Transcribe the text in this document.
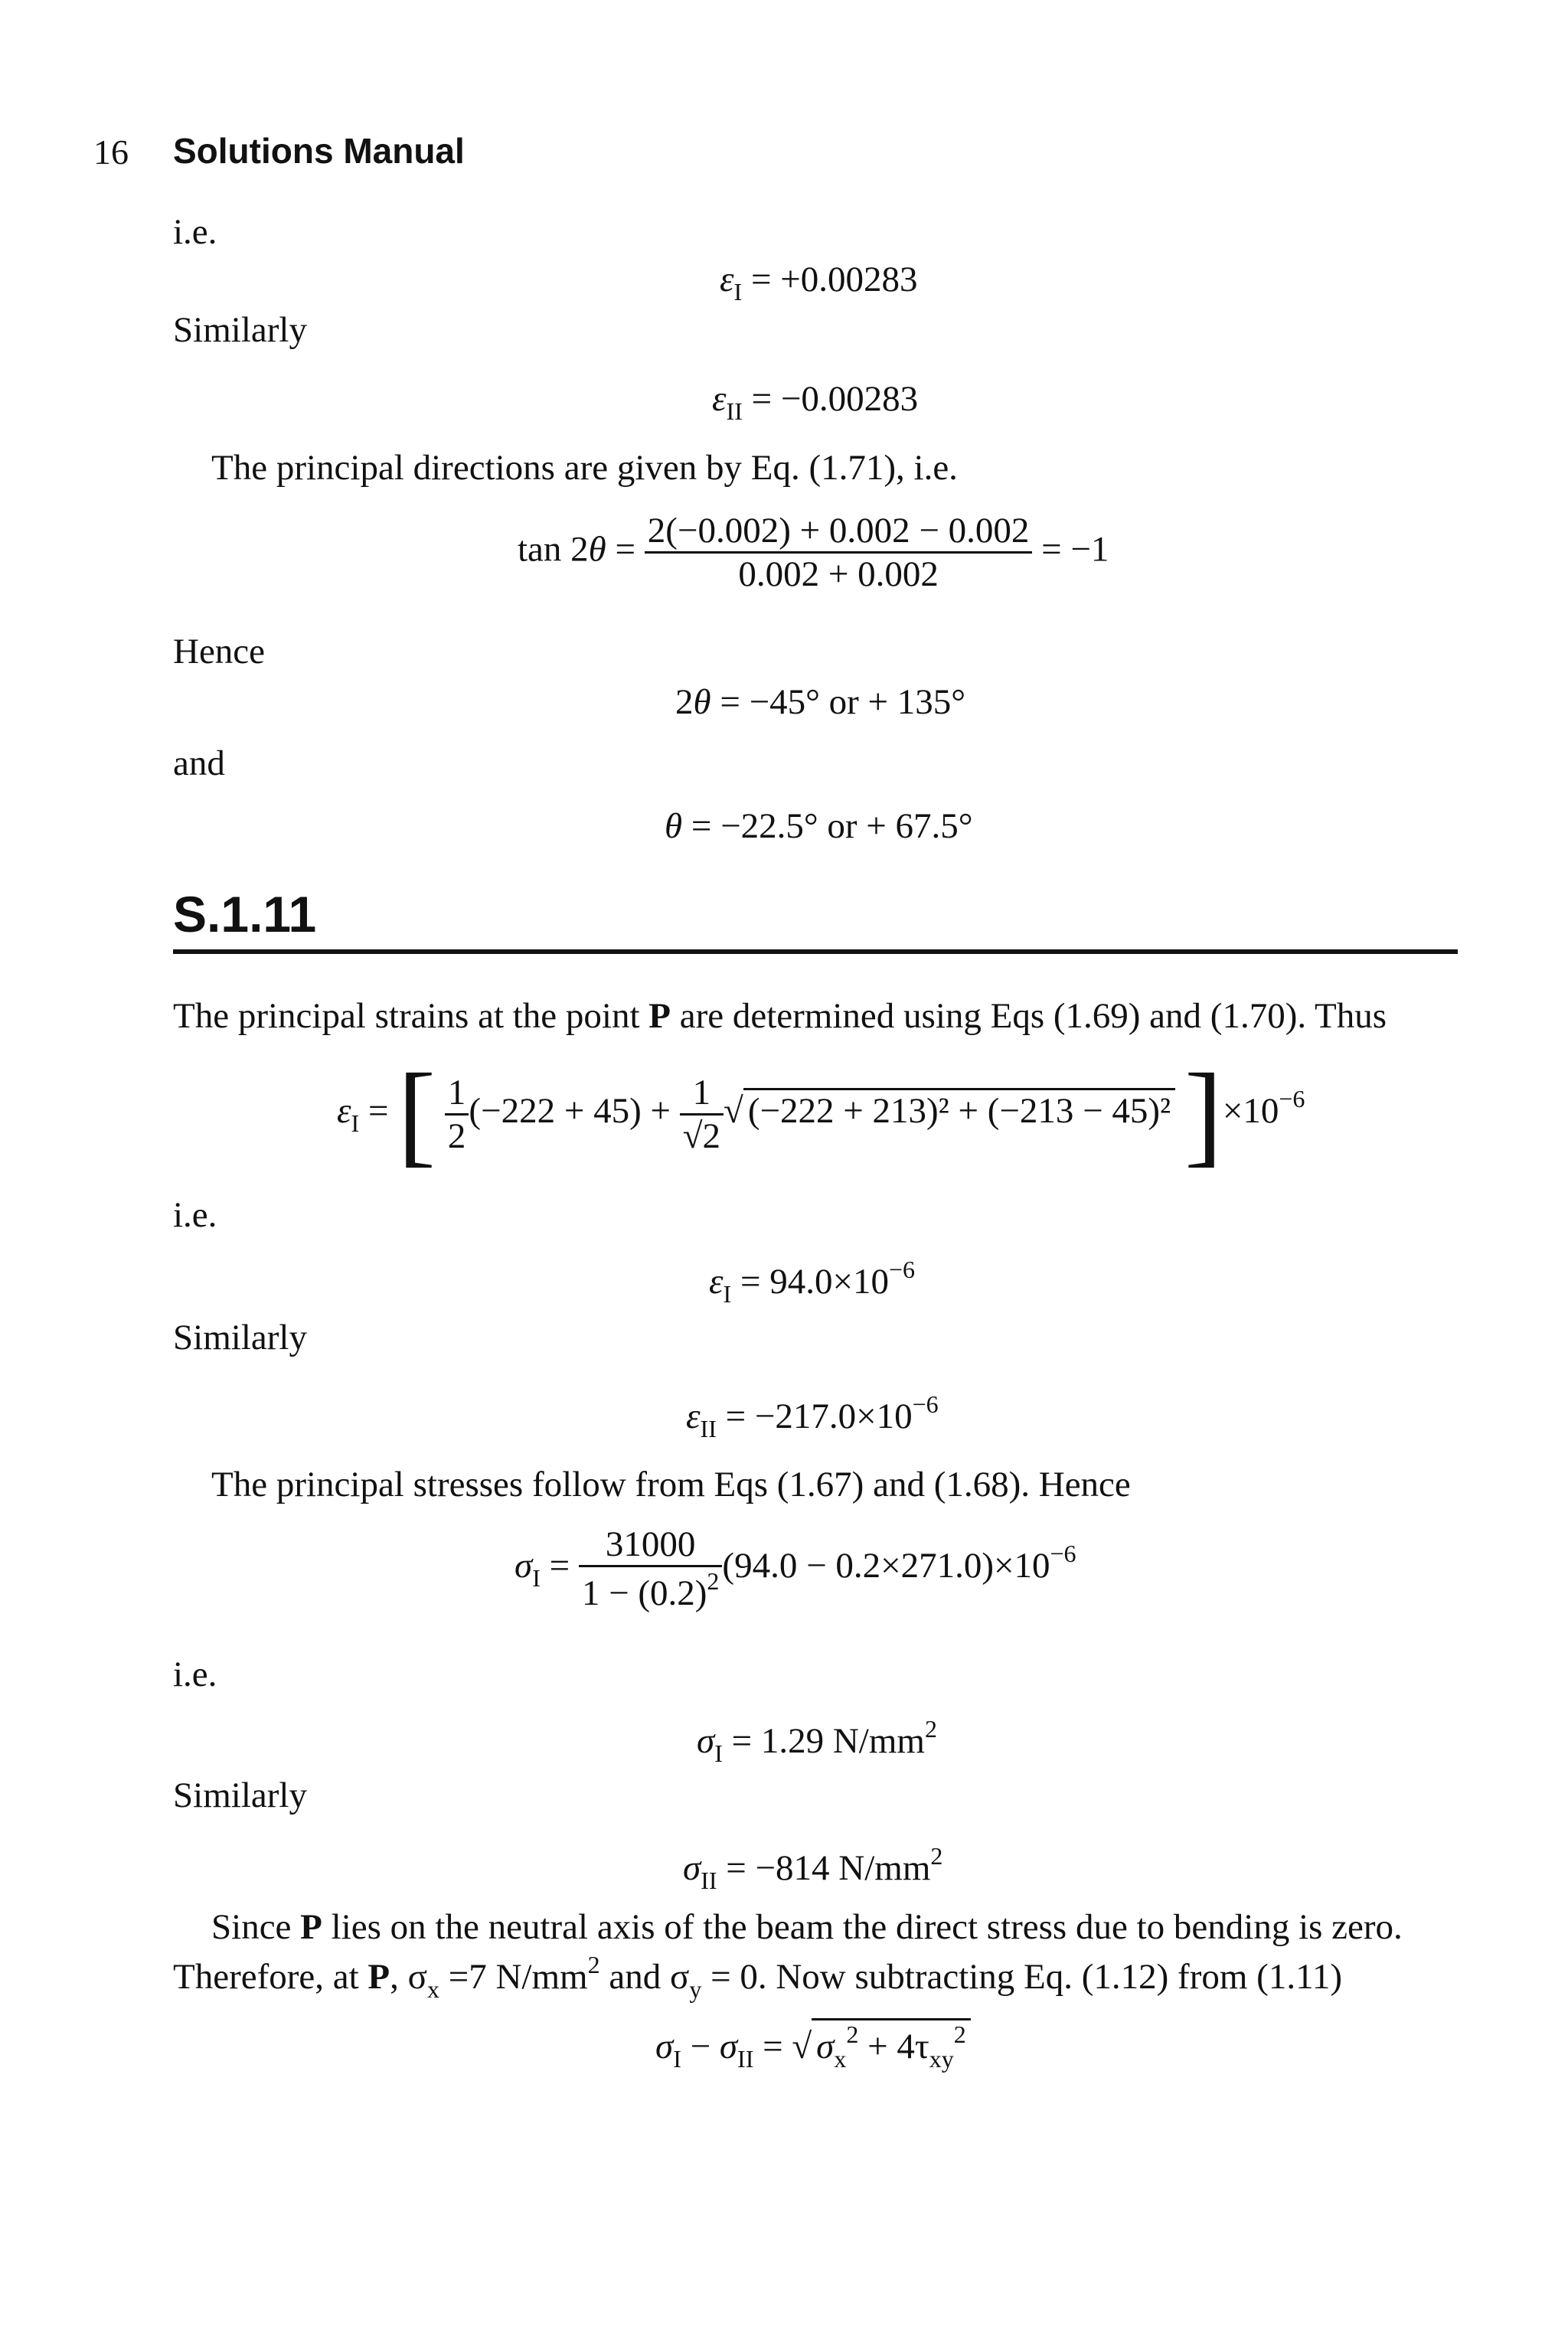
16 Solutions Manual
i.e.
$\varepsilon_I = +0.00283$
Similarly
$\varepsilon_{II} = -0.00283$
The principal directions are given by Eq. (1.71), i.e.
$\tan 2\theta = \frac{2(-0.002) + 0.002 - 0.002}{0.002 + 0.002} = -1$
Hence
2θ = −45° or + 135°
and
θ = −22.5° or + 67.5°
S.1.11
The principal strains at the point P are determined using Eqs (1.69) and (1.70). Thus
$\varepsilon_I$ = [ $\frac{1}{2} (-222 + 45) + \frac{1}{√2}$ √ (−222 + 213)² + (−213 − 45)² ]$\times 10^{-6}$
i.e.
$\varepsilon_I = 94.0\times 10^{-6}$
Similarly
$\varepsilon_{II} = -217.0\times 10^{-6}$
The principal stresses follow from Eqs (1.67) and (1.68). Hence
$\sigma_I = \frac{31000}{1 - (0.2)^2} (94.0 - 0.2\times 271.0)\times 10^{-6}$
i.e.
$\sigma_I = 1.29$ $N/mm^2$
Similarly
$\sigma_{II} = -814$ $N/mm^2$
Since P lies on the neutral axis of the beam the direct stress due to bending is zero.
Therefore, at P, $\sigma_x =7$ $N/mm^2$ and $\sigma_y = 0$. Now subtracting Eq. (1.12) from (1.11)
$\sigma_I - \sigma_{II}$ = √ $\sigma_x^2 + 4\tau_{xy}^2$
